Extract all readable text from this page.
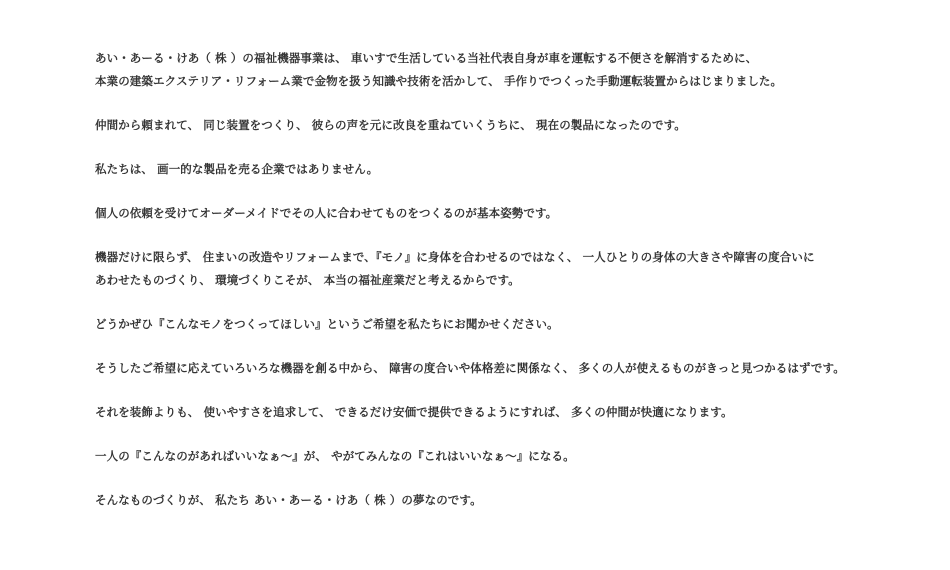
あい・あーる・けあ（ 株 ）の福祉機器事業は、 車いすで生活している当社代表自身が車を運転する不便さを解消するために、
本業の建築エクステリア・リフォーム業で金物を扱う知識や技術を活かして、 手作りでつくった手動運転装置からはじまりました。

仲間から頼まれて、 同じ装置をつくり、 彼らの声を元に改良を重ねていくうちに、 現在の製品になったのです。

私たちは、 画一的な製品を売る企業ではありません。

個人の依頼を受けてオーダーメイドでその人に合わせてものをつくるのが基本姿勢です。

機器だけに限らず、 住まいの改造やリフォームまで、『モノ』に身体を合わせるのではなく、 一人ひとりの身体の大きさや障害の度合いに
あわせたものづくり、 環境づくりこそが、 本当の福祉産業だと考えるからです。

どうかぜひ『こんなモノをつくってほしい』というご希望を私たちにお聞かせください。

そうしたご希望に応えていろいろな機器を創る中から、 障害の度合いや体格差に関係なく、 多くの人が使えるものがきっと見つかるはずです。

それを装飾よりも、 使いやすさを追求して、 できるだけ安価で提供できるようにすれば、 多くの仲間が快適になります。

一人の『こんなのがあればいいなぁ～』が、 やがてみんなの『これはいいなぁ～』になる。

そんなものづくりが、 私たち あい・あーる・けあ（ 株 ）の夢なのです。
